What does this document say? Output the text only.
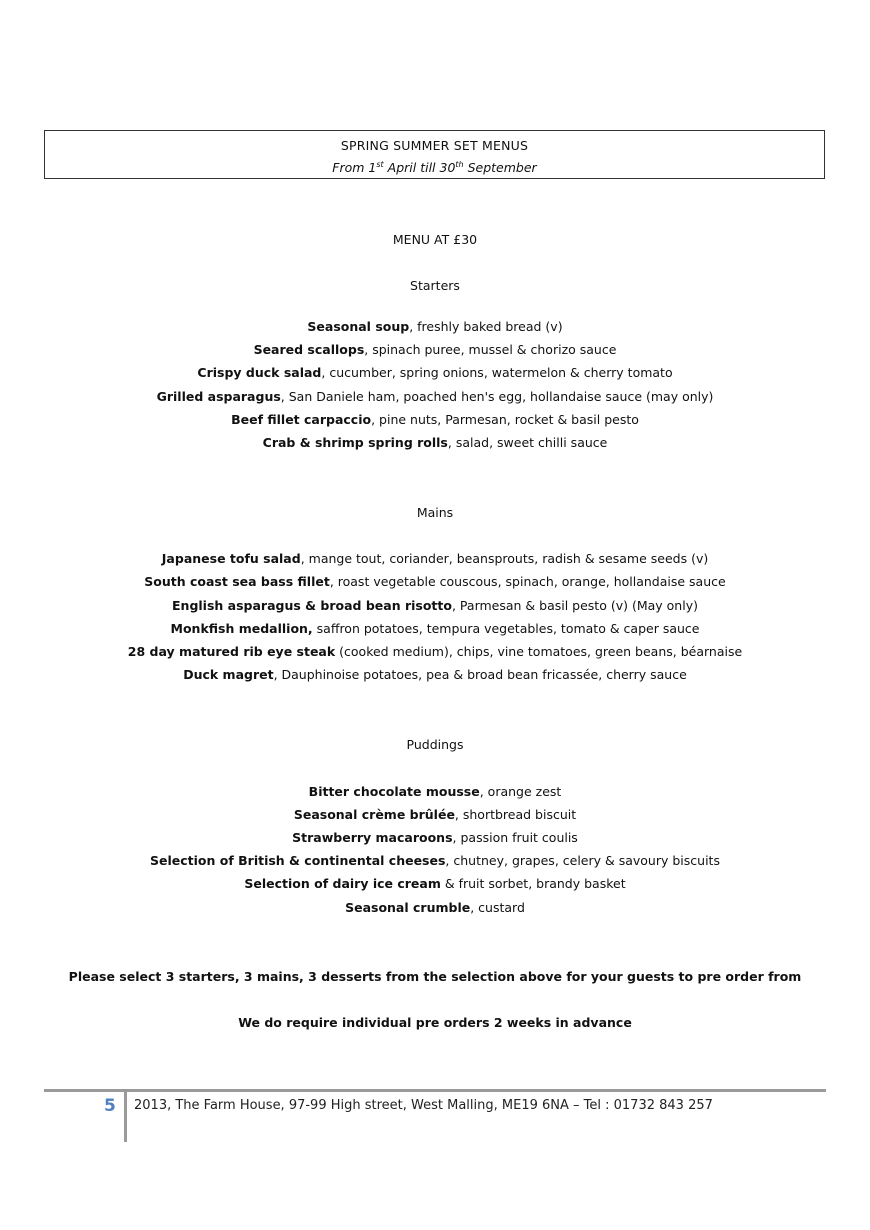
SPRING SUMMER SET MENUS
From 1st April till 30th September
MENU AT £30
Starters
Seasonal soup, freshly baked bread (v)
Seared scallops, spinach puree, mussel & chorizo sauce
Crispy duck salad, cucumber, spring onions, watermelon & cherry tomato
Grilled asparagus, San Daniele ham, poached hen's egg, hollandaise sauce (may only)
Beef fillet carpaccio, pine nuts, Parmesan, rocket & basil pesto
Crab & shrimp spring rolls, salad, sweet chilli sauce
Mains
Japanese tofu salad, mange tout, coriander, beansprouts, radish & sesame seeds (v)
South coast sea bass fillet, roast vegetable couscous, spinach, orange, hollandaise sauce
English asparagus & broad bean risotto, Parmesan & basil pesto (v) (May only)
Monkfish medallion, saffron potatoes, tempura vegetables, tomato & caper sauce
28 day matured rib eye steak (cooked medium), chips, vine tomatoes, green beans, béarnaise
Duck magret, Dauphinoise potatoes, pea & broad bean fricassée, cherry sauce
Puddings
Bitter chocolate mousse, orange zest
Seasonal crème brûlée, shortbread biscuit
Strawberry macaroons, passion fruit coulis
Selection of British & continental cheeses, chutney, grapes, celery & savoury biscuits
Selection of dairy ice cream & fruit sorbet, brandy basket
Seasonal crumble, custard
Please select 3 starters, 3 mains, 3 desserts from the selection above for your guests to pre order from
We do require individual pre orders 2 weeks in advance
5 2013, The Farm House, 97-99 High street, West Malling, ME19 6NA – Tel : 01732 843 257
